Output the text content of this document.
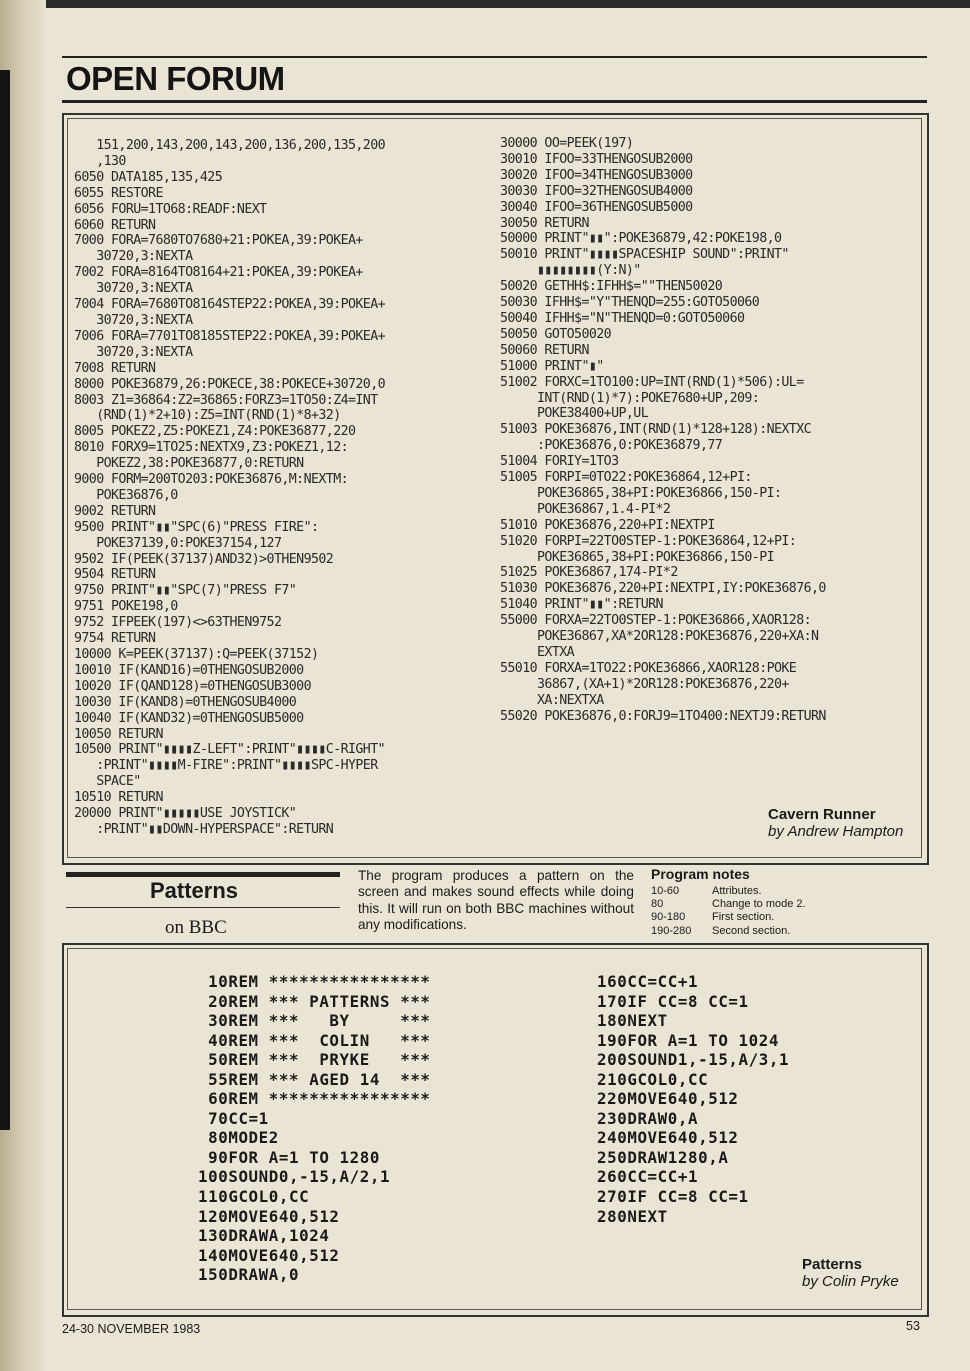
OPEN FORUM
151,200,143,200,143,200,136,200,135,200
,130
6050 DATA185,135,425
6055 RESTORE
6056 FORU=1TO68:READF:NEXT
6060 RETURN
7000 FORA=7680TO7680+21:POKEA,39:POKEA+
30720,3:NEXTA
7002 FORA=8164TO8164+21:POKEA,39:POKEA+
30720,3:NEXTA
7004 FORA=7680TO8164STEP22:POKEA,39:POKEA+
30720,3:NEXTA
7006 FORA=7701TO8185STEP22:POKEA,39:POKEA+
30720,3:NEXTA
7008 RETURN
8000 POKE36879,26:POKECE,38:POKECE+30720,0
8003 Z1=36864:Z2=36865:FORZ3=1TO50:Z4=INT
(RND(1)*2+10):Z5=INT(RND(1)*8+32)
8005 POKEZ2,Z5:POKEZ1,Z4:POKE36877,220
8010 FORX9=1TO25:NEXTX9,Z3:POKEZ1,12:
POKEZ2,38:POKE36877,0:RETURN
9000 FORM=200TO203:POKE36876,M:NEXTM:
POKE36876,0
9002 RETURN
9500 PRINT"▮▮"SPC(6)"PRESS FIRE":
POKE37139,0:POKE37154,127
9502 IF(PEEK(37137)AND32)>0THEN9502
9504 RETURN
9750 PRINT"▮▮"SPC(7)"PRESS F7"
9751 POKE198,0
9752 IFPEEK(197)<>63THEN9752
9754 RETURN
10000 K=PEEK(37137):Q=PEEK(37152)
10010 IF(KAND16)=0THENGOSUB2000
10020 IF(QAND128)=0THENGOSUB3000
10030 IF(KAND8)=0THENGOSUB4000
10040 IF(KAND32)=0THENGOSUB5000
10050 RETURN
10500 PRINT"▮▮▮▮Z-LEFT":PRINT"▮▮▮▮C-RIGHT"
:PRINT"▮▮▮▮M-FIRE":PRINT"▮▮▮▮SPC-HYPER
SPACE"
10510 RETURN
20000 PRINT"▮▮▮▮▮USE JOYSTICK"
:PRINT"▮▮DOWN-HYPERSPACE":RETURN

30000 OO=PEEK(197)
30010 IFOO=33THENGOSUB2000
30020 IFOO=34THENGOSUB3000
30030 IFOO=32THENGOSUB4000
30040 IFOO=36THENGOSUB5000
30050 RETURN
50000 PRINT"▮▮":POKE36879,42:POKE198,0
50010 PRINT"▮▮▮▮SPACESHIP SOUND":PRINT"
▮▮▮▮▮▮▮▮(Y:N)"
50020 GETHH$:IFHH$=""THEN50020
50030 IFHH$="Y"THENQD=255:GOTO50060
50040 IFHH$="N"THENQD=0:GOTO50060
50050 GOTO50020
50060 RETURN
51000 PRINT"▮"
51002 FORXC=1TO100:UP=INT(RND(1)*506):UL=
INT(RND(1)*7):POKE7680+UP,209:
POKE38400+UP,UL
51003 POKE36876,INT(RND(1)*128+128):NEXTXC
:POKE36876,0:POKE36879,77
51004 FORIY=1TO3
51005 FORPI=0TO22:POKE36864,12+PI:
POKE36865,38+PI:POKE36866,150-PI:
POKE36867,1.4-PI*2
51010 POKE36876,220+PI:NEXTPI
51020 FORPI=22TO0STEP-1:POKE36864,12+PI:
POKE36865,38+PI:POKE36866,150-PI
51025 POKE36867,174-PI*2
51030 POKE36876,220+PI:NEXTPI,IY:POKE36876,0
51040 PRINT"▮▮":RETURN
55000 FORXA=22TO0STEP-1:POKE36866,XAOR128:
POKE36867,XA*2OR128:POKE36876,220+XA:N
EXTXA
55010 FORXA=1TO22:POKE36866,XAOR128:POKE
36867,(XA+1)*2OR128:POKE36876,220+
XA:NEXTXA
55020 POKE36876,0:FORJ9=1TO400:NEXTJ9:RETURN

Cavern Runner
by Andrew Hampton
Patterns
on BBC
The program produces a pattern on the screen and makes sound effects while doing this. It will run on both BBC machines without any modifications.
Program notes
10-60	Attributes.
80	Change to mode 2.
90-180	First section.
190-280	Second section.
10REM ****************
20REM *** PATTERNS ***
30REM ***   BY     ***
40REM ***  COLIN   ***
50REM ***  PRYKE   ***
55REM *** AGED 14  ***
60REM ****************
70CC=1
80MODE2
90FOR A=1 TO 1280
100SOUND0,-15,A/2,1
110GCOL0,CC
120MOVE640,512
130DRAWA,1024
140MOVE640,512
150DRAWA,0

160CC=CC+1
170IF CC=8 CC=1
180NEXT
190FOR A=1 TO 1024
200SOUND1,-15,A/3,1
210GCOL0,CC
220MOVE640,512
230DRAW0,A
240MOVE640,512
250DRAW1280,A
260CC=CC+1
270IF CC=8 CC=1
280NEXT

Patterns
by Colin Pryke
24-30 NOVEMBER 1983	53
